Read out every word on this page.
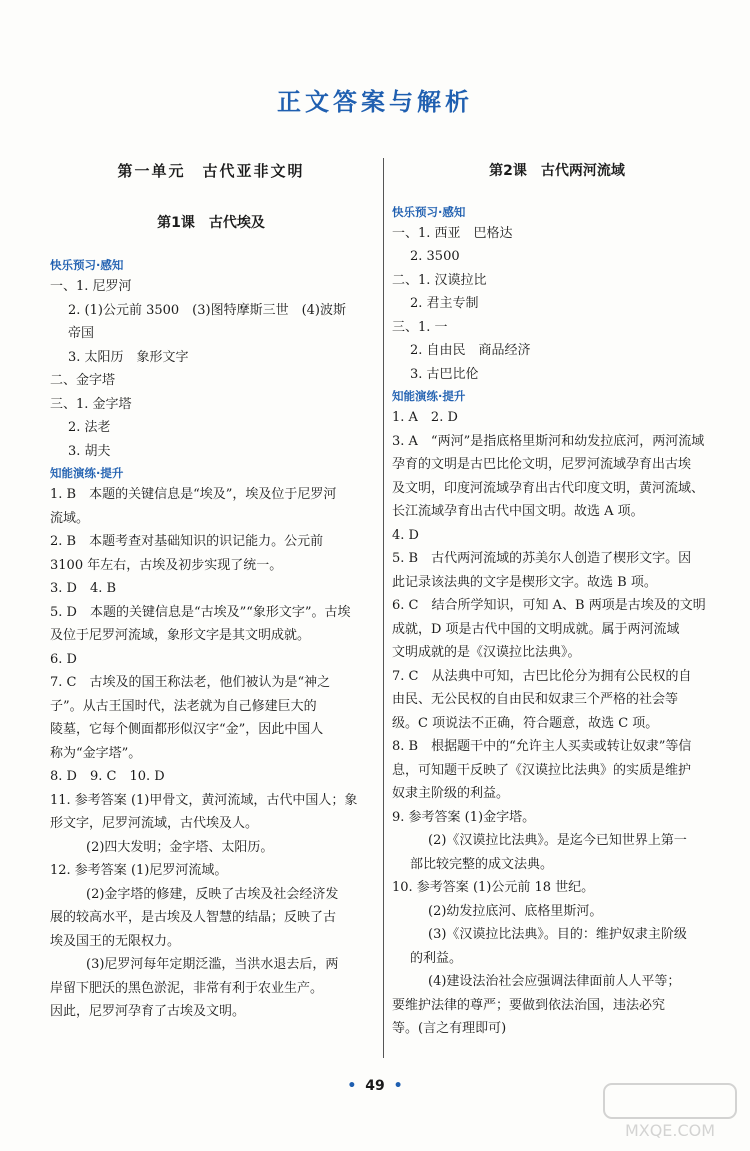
正文答案与解析
第一单元　古代亚非文明
第1课　古代埃及
快乐预习·感知
一、1. 尼罗河
2. (1)公元前 3500　(3)图特摩斯三世　(4)波斯
帝国
3. 太阳历　象形文字
二、金字塔
三、1. 金字塔
2. 法老
3. 胡夫
知能演练·提升
1. B　本题的关键信息是“埃及”，埃及位于尼罗河
流域。
2. B　本题考查对基础知识的识记能力。公元前
3100 年左右，古埃及初步实现了统一。
3. D　4. B
5. D　本题的关键信息是“古埃及”“象形文字”。古埃
及位于尼罗河流域，象形文字是其文明成就。
6. D
7. C　古埃及的国王称法老，他们被认为是“神之
子”。从古王国时代，法老就为自己修建巨大的
陵墓，它每个侧面都形似汉字“金”，因此中国人
称为“金字塔”。
8. D　9. C　10. D
11. 参考答案 (1)甲骨文，黄河流域，古代中国人；象
形文字，尼罗河流域，古代埃及人。
(2)四大发明；金字塔、太阳历。
12. 参考答案 (1)尼罗河流域。
(2)金字塔的修建，反映了古埃及社会经济发
展的较高水平，是古埃及人智慧的结晶；反映了古
埃及国王的无限权力。
(3)尼罗河每年定期泛滥，当洪水退去后，两
岸留下肥沃的黑色淤泥，非常有利于农业生产。
因此，尼罗河孕育了古埃及文明。
第2课　古代两河流域
快乐预习·感知
一、1. 西亚　巴格达
2. 3500
二、1. 汉谟拉比
2. 君主专制
三、1. 一
2. 自由民　商品经济
3. 古巴比伦
知能演练·提升
1. A　2. D
3. A　“两河”是指底格里斯河和幼发拉底河，两河流域
孕育的文明是古巴比伦文明，尼罗河流域孕育出古埃
及文明，印度河流域孕育出古代印度文明，黄河流域、
长江流域孕育出古代中国文明。故选 A 项。
4. D
5. B　古代两河流域的苏美尔人创造了楔形文字。因
此记录该法典的文字是楔形文字。故选 B 项。
6. C　结合所学知识，可知 A、B 两项是古埃及的文明
成就，D 项是古代中国的文明成就。属于两河流域
文明成就的是《汉谟拉比法典》。
7. C　从法典中可知，古巴比伦分为拥有公民权的自
由民、无公民权的自由民和奴隶三个严格的社会等
级。C 项说法不正确，符合题意，故选 C 项。
8. B　根据题干中的“允许主人买卖或转让奴隶”等信
息，可知题干反映了《汉谟拉比法典》的实质是维护
奴隶主阶级的利益。
9. 参考答案 (1)金字塔。
(2)《汉谟拉比法典》。是迄今已知世界上第一
部比较完整的成文法典。
10. 参考答案 (1)公元前 18 世纪。
(2)幼发拉底河、底格里斯河。
(3)《汉谟拉比法典》。目的：维护奴隶主阶级
的利益。
(4)建设法治社会应强调法律面前人人平等；
要维护法律的尊严；要做到依法治国，违法必究
等。(言之有理即可)
• 49 •
MXQE.COM
